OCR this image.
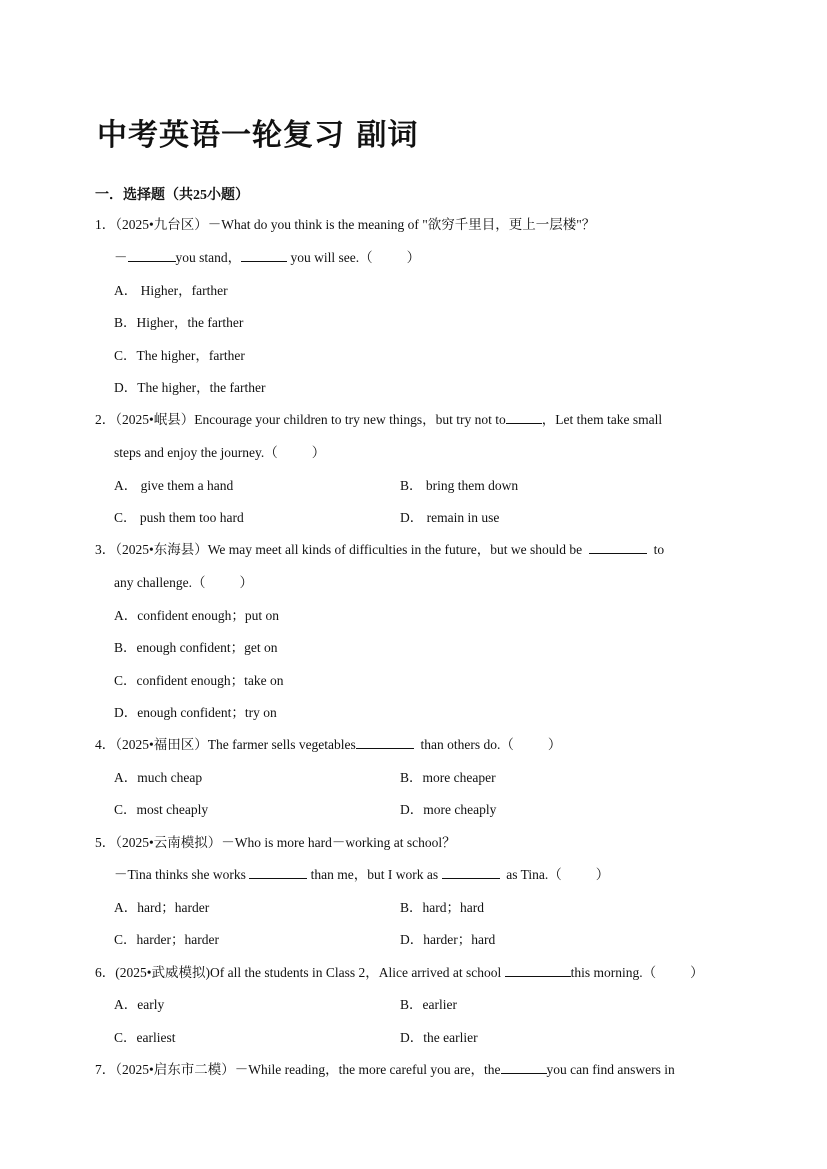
中考英语一轮复习 副词
一．选择题（共25小题）
1．（2025•九台区）－What do you think is the meaning of "欲穷千里目，更上一层楼"？
－	you stand，	you will see.（	）
A． Higher，farther
B．Higher，the farther
C．The higher，farther
D．The higher，the farther
2．（2025•岷县）Encourage your children to try new things，but try not to	，Let them take small
steps and enjoy the journey.（	）
A． give them a hand	B． bring them down
C． push them too hard	D． remain in use
3．（2025•东海县）We may meet all kinds of difficulties in the future，but we should be	to
any challenge.（	）
A．confident enough；put on
B．enough confident；get on
C．confident enough；take on
D．enough confident；try on
4．（2025•福田区）The farmer sells vegetables	than others do.（	）
A．much cheap	B．more cheaper
C．most cheaply	D．more cheaply
5．（2025•云南模拟）－Who is more hard－working at school？
－Tina thinks she works	than me，but I work as	as Tina.（	）
A．hard；harder	B．hard；hard
C．harder；harder	D．harder；hard
6．(2025•武威模拟)Of all the students in Class 2，Alice arrived at school	this morning.（	）
A．early	B．earlier
C．earliest	D．the earlier
7．（2025•启东市二模）－While reading，the more careful you are，the	you can find answers in
